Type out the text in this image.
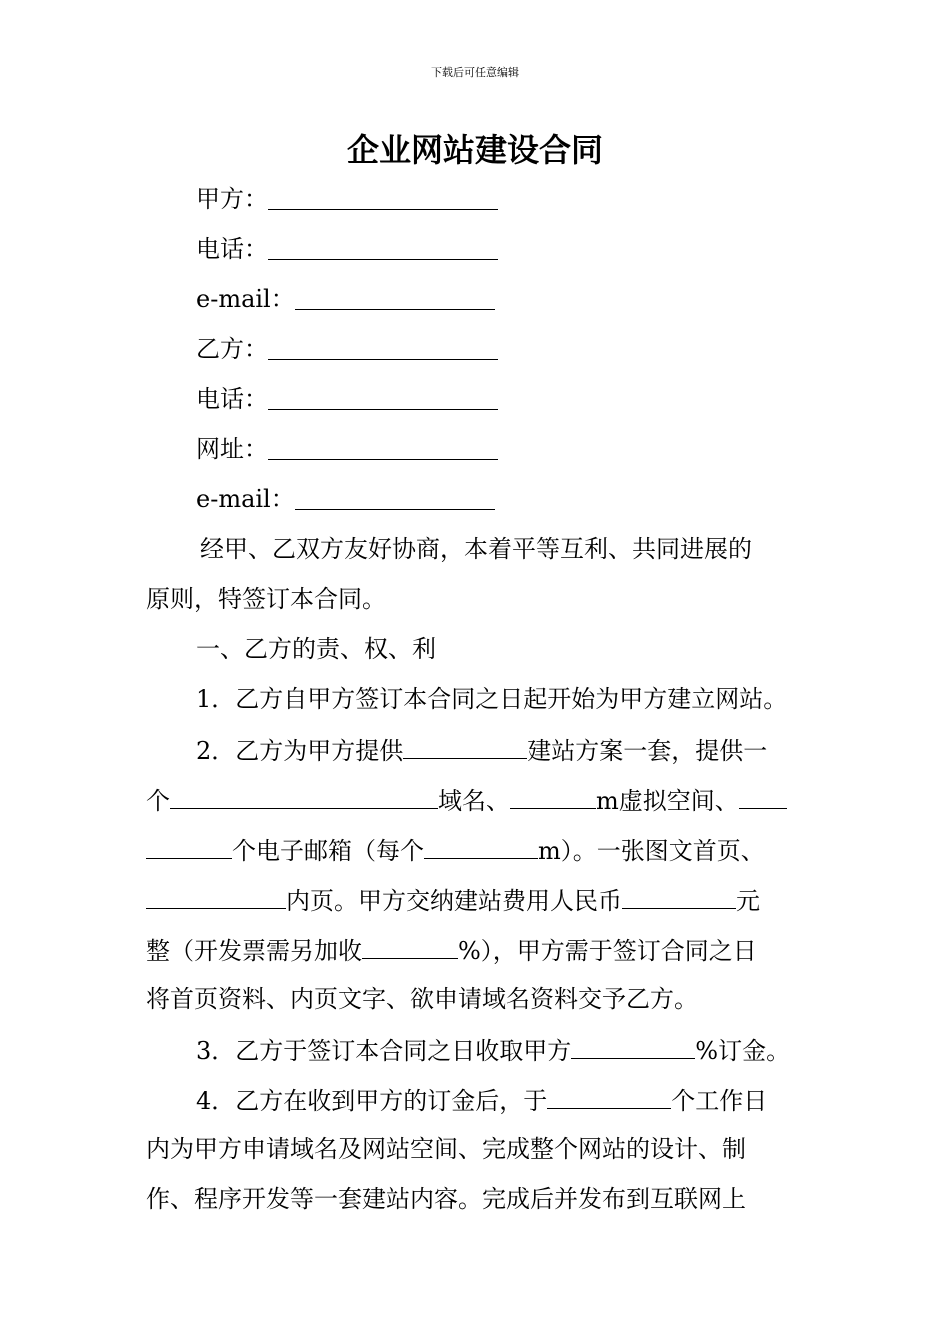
下载后可任意编辑
企业网站建设合同
甲方：
电话：
e-mail：
乙方：
电话：
网址：
e-mail：
经甲、乙双方友好协商，本着平等互利、共同进展的
原则，特签订本合同。
一、乙方的责、权、利
1．乙方自甲方签订本合同之日起开始为甲方建立网站。
2．乙方为甲方提供	建站方案一套，提供一
个	域名、	m虚拟空间、
个电子邮箱（每个	m）。一张图文首页、
内页。甲方交纳建站费用人民币	元
整（开发票需另加收	%），甲方需于签订合同之日
将首页资料、内页文字、欲申请域名资料交予乙方。
3．乙方于签订本合同之日收取甲方	%订金。
4．乙方在收到甲方的订金后，于	个工作日
内为甲方申请域名及网站空间、完成整个网站的设计、制
作、程序开发等一套建站内容。完成后并发布到互联网上
